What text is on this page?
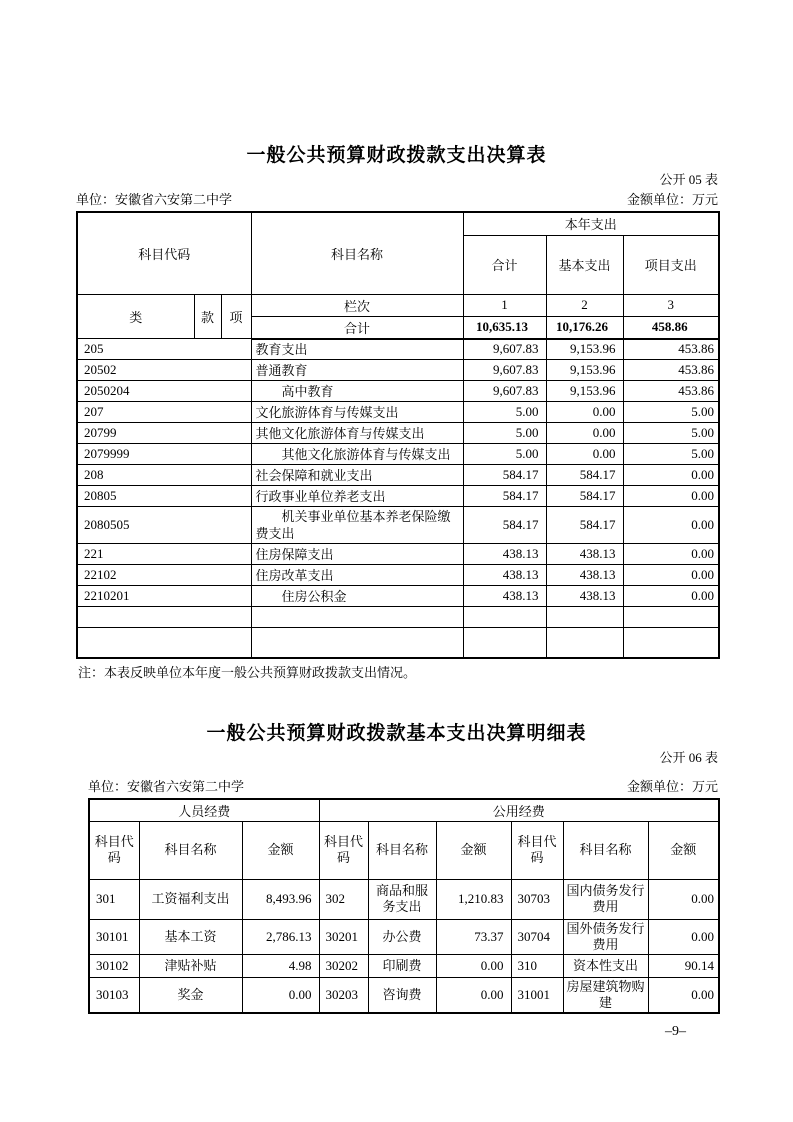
一般公共预算财政拨款支出决算表
公开 05 表
单位：安徽省六安第二中学	金额单位：万元
科目代码			科目名称	本年支出		
				合计	基本支出	项目支出
类	款	项	栏次	1	2	3
			合计	10,635.13	10,176.26	458.86
205			教育支出	9,607.83	9,153.96	453.86
20502			普通教育	9,607.83	9,153.96	453.86
2050204			高中教育	9,607.83	9,153.96	453.86
207			文化旅游体育与传媒支出	5.00	0.00	5.00
20799			其他文化旅游体育与传媒支出	5.00	0.00	5.00
2079999			其他文化旅游体育与传媒支出	5.00	0.00	5.00
208			社会保障和就业支出	584.17	584.17	0.00
20805			行政事业单位养老支出	584.17	584.17	0.00
2080505			机关事业单位基本养老保险缴费支出	584.17	584.17	0.00
221			住房保障支出	438.13	438.13	0.00
22102			住房改革支出	438.13	438.13	0.00
2210201			住房公积金	438.13	438.13	0.00

注：本表反映单位本年度一般公共预算财政拨款支出情况。
一般公共预算财政拨款基本支出决算明细表
公开 06 表
单位：安徽省六安第二中学	金额单位：万元
人员经费			公用经费					
科目代码	科目名称	金额	科目代码	科目名称	金额	科目代码	科目名称	金额
301	工资福利支出	8,493.96	302	商品和服务支出	1,210.83	30703	国内债务发行费用	0.00
30101	基本工资	2,786.13	30201	办公费	73.37	30704	国外债务发行费用	0.00
30102	津贴补贴	4.98	30202	印刷费	0.00	310	资本性支出	90.14
30103	奖金	0.00	30203	咨询费	0.00	31001	房屋建筑物购建	0.00
–9–
